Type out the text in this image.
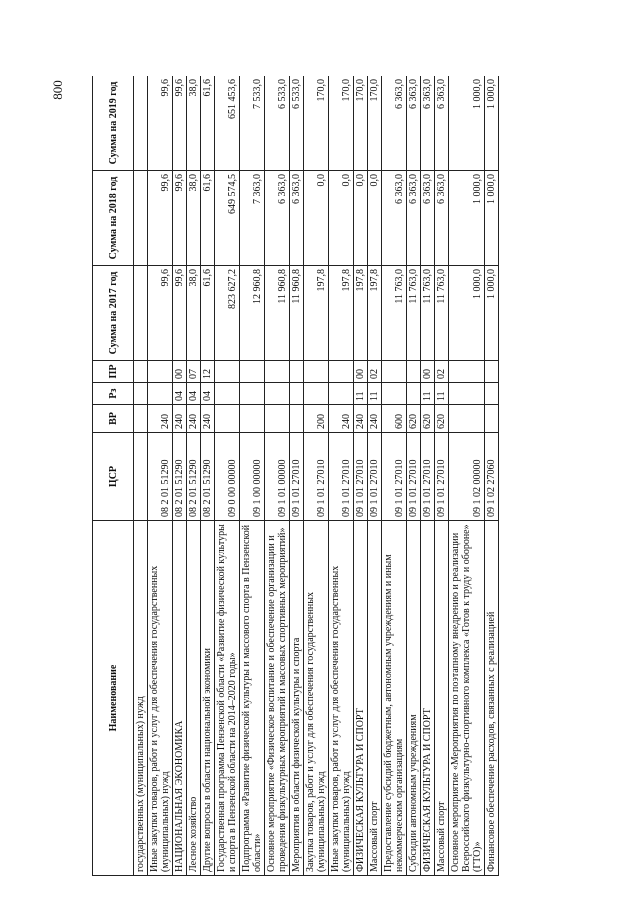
800
Наименование	ЦСР	ВР	Рз	ПР	Сумма на 2017 год	Сумма на 2018 год	Сумма на 2019 год
государственных (муниципальных) нужд							
Иные закупки товаров, работ и услуг для обеспечения государственных (муниципальных) нужд	08 2 01 51290	240			99,6	99,6	99,6
НАЦИОНАЛЬНАЯ ЭКОНОМИКА	08 2 01 51290	240	04	00	99,6	99,6	99,6
Лесное хозяйство	08 2 01 51290	240	04	07	38,0	38,0	38,0
Другие вопросы в области национальной экономики	08 2 01 51290	240	04	12	61,6	61,6	61,6
Государственная программа Пензенской области «Развитие физической культуры и спорта в Пензенской области на 2014–2020 годы»	09 0 00 00000				823 627,2	649 574,5	651 453,6
Подпрограмма «Развитие физической культуры и массового спорта в Пензенской области»	09 1 00 00000				12 960,8	7 363,0	7 533,0
Основное мероприятие «Физическое воспитание и обеспечение организации и проведения физкультурных мероприятий и массовых спортивных мероприятий»	09 1 01 00000				11 960,8	6 363,0	6 533,0
Мероприятия в области физической культуры и спорта	09 1 01 27010				11 960,8	6 363,0	6 533,0
Закупка товаров, работ и услуг для обеспечения государственных (муниципальных) нужд	09 1 01 27010	200			197,8	0,0	170,0
Иные закупки товаров, работ и услуг для обеспечения государственных (муниципальных) нужд	09 1 01 27010	240			197,8	0,0	170,0
ФИЗИЧЕСКАЯ КУЛЬТУРА И СПОРТ	09 1 01 27010	240	11	00	197,8	0,0	170,0
Массовый спорт	09 1 01 27010	240	11	02	197,8	0,0	170,0
Предоставление субсидий бюджетным, автономным учреждениям и иным некоммерческим организациям	09 1 01 27010	600			11 763,0	6 363,0	6 363,0
Субсидии автономным учреждениям	09 1 01 27010	620			11 763,0	6 363,0	6 363,0
ФИЗИЧЕСКАЯ КУЛЬТУРА И СПОРТ	09 1 01 27010	620	11	00	11 763,0	6 363,0	6 363,0
Массовый спорт	09 1 01 27010	620	11	02	11 763,0	6 363,0	6 363,0
Основное мероприятие «Мероприятия по поэтапному внедрению и реализации Всероссийского физкультурно-спортивного комплекса «Готов к труду и обороне» (ГТО)»	09 1 02 00000				1 000,0	1 000,0	1 000,0
Финансовое обеспечение расходов, связанных с реализацией	09 1 02 27060				1 000,0	1 000,0	1 000,0
